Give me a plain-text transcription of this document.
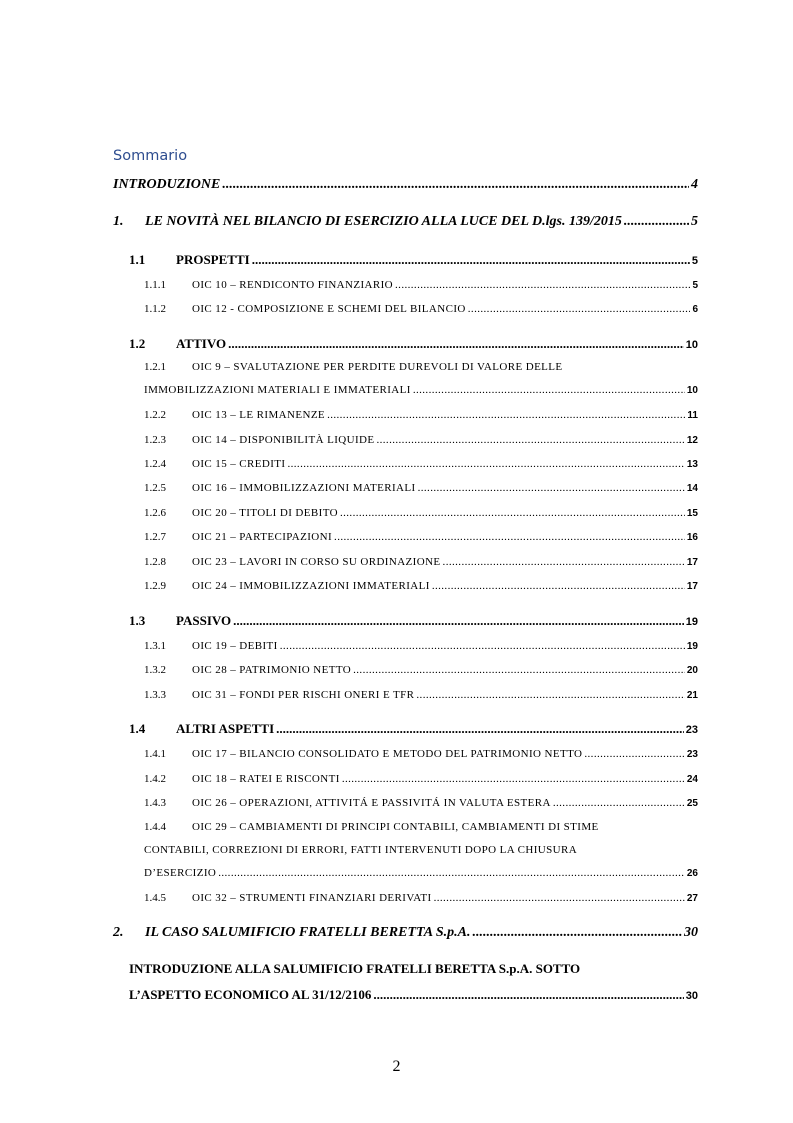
Sommario
INTRODUZIONE .....	4
1.	LE NOVITÀ NEL BILANCIO DI ESERCIZIO ALLA LUCE DEL D.lgs. 139/2015 .....	5
1.1	PROSPETTI .....	5
1.1.1	OIC 10 – RENDICONTO FINANZIARIO .....	5
1.1.2	OIC 12 - COMPOSIZIONE E SCHEMI DEL BILANCIO .....	6
1.2	ATTIVO .....	10
1.2.1 OIC 9 – SVALUTAZIONE PER PERDITE DUREVOLI DI VALORE DELLE
IMMOBILIZZAZIONI MATERIALI E IMMATERIALI .....	10
1.2.2	OIC 13 – LE RIMANENZE .....	11
1.2.3	OIC 14 – DISPONIBILITÀ LIQUIDE .....	12
1.2.4	OIC 15 – CREDITI .....	13
1.2.5	OIC 16 – IMMOBILIZZAZIONI MATERIALI .....	14
1.2.6	OIC 20 – TITOLI DI DEBITO .....	15
1.2.7	OIC 21 – PARTECIPAZIONI .....	16
1.2.8	OIC 23 – LAVORI IN CORSO SU ORDINAZIONE .....	17
1.2.9	OIC 24 – IMMOBILIZZAZIONI IMMATERIALI .....	17
1.3	PASSIVO .....	19
1.3.1	OIC 19 – DEBITI .....	19
1.3.2	OIC 28 – PATRIMONIO NETTO .....	20
1.3.3	OIC 31 – FONDI PER RISCHI ONERI E TFR .....	21
1.4	ALTRI ASPETTI .....	23
1.4.1	OIC 17 – BILANCIO CONSOLIDATO E METODO DEL PATRIMONIO NETTO .....	23
1.4.2	OIC 18 – RATEI E RISCONTI .....	24
1.4.3	OIC 26 – OPERAZIONI, ATTIVITÁ E PASSIVITÁ IN VALUTA ESTERA .....	25
1.4.4 OIC 29 – CAMBIAMENTI DI PRINCIPI CONTABILI, CAMBIAMENTI DI STIME
CONTABILI, CORREZIONI DI ERRORI, FATTI INTERVENUTI DOPO LA CHIUSURA
D’ESERCIZIO .....	26
1.4.5	OIC 32 – STRUMENTI FINANZIARI DERIVATI .....	27
2.	IL CASO SALUMIFICIO FRATELLI BERETTA S.p.A. .....	30
INTRODUZIONE ALLA SALUMIFICIO FRATELLI BERETTA S.p.A. SOTTO
L’ASPETTO ECONOMICO AL 31/12/2106 .....	30
2
